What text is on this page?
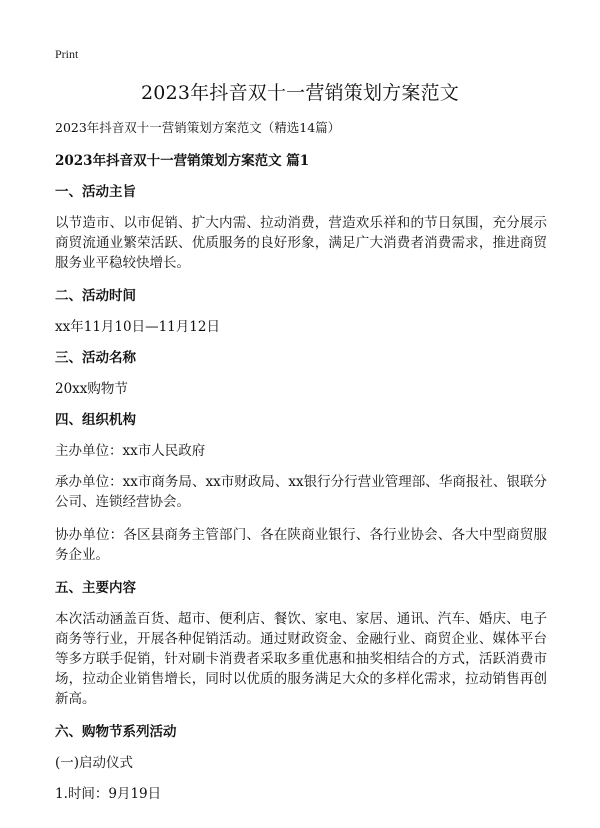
Print
2023年抖音双十一营销策划方案范文

2023年抖音双十一营销策划方案范文（精选14篇）

2023年抖音双十一营销策划方案范文 篇1

一、活动主旨

以节造市、以市促销、扩大内需、拉动消费，营造欢乐祥和的节日氛围，充分展示商贸流通业繁荣活跃、优质服务的良好形象，满足广大消费者消费需求，推进商贸服务业平稳较快增长。

二、活动时间

xx年11月10日—11月12日

三、活动名称

20xx购物节

四、组织机构

主办单位：xx市人民政府

承办单位：xx市商务局、xx市财政局、xx银行分行营业管理部、华商报社、银联分公司、连锁经营协会。

协办单位：各区县商务主管部门、各在陕商业银行、各行业协会、各大中型商贸服务企业。

五、主要内容

本次活动涵盖百货、超市、便利店、餐饮、家电、家居、通讯、汽车、婚庆、电子商务等行业，开展各种促销活动。通过财政资金、金融行业、商贸企业、媒体平台等多方联手促销，针对刷卡消费者采取多重优惠和抽奖相结合的方式，活跃消费市场，拉动企业销售增长，同时以优质的服务满足大众的多样化需求，拉动销售再创新高。

六、购物节系列活动

(一)启动仪式

1.时间：9月19日
